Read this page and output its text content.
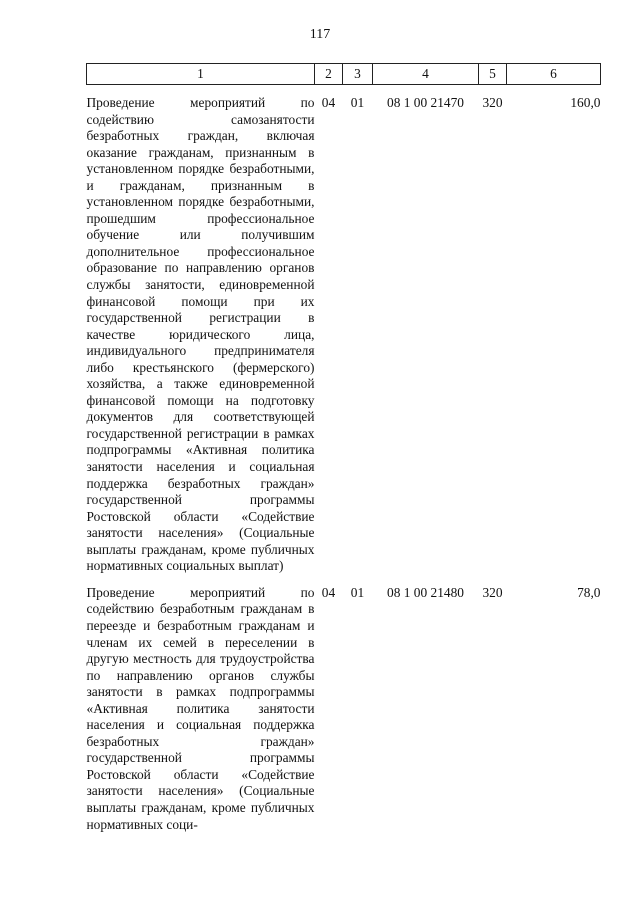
117
1	2	3	4	5	6

Проведение мероприятий по содействию самозанятости безработных граждан, включая оказание гражданам, признанным в установленном порядке безработными, и гражданам, признанным в установленном порядке безработными, прошедшим профессиональное обучение или получившим дополнительное профессиональное образование по направлению органов службы занятости, единовременной финансовой помощи при их государственной регистрации в качестве юридического лица, индивидуального предпринимателя либо крестьянского (фермерского) хозяйства, а также единовременной финансовой помощи на подготовку документов для соответствующей государственной регистрации в рамках подпрограммы «Активная политика занятости населения и социальная поддержка безработных граждан» государственной программы Ростовской области «Содействие занятости населения» (Социальные выплаты гражданам, кроме публичных нормативных социальных выплат)	04	01	08 1 00 21470	320	160,0

Проведение мероприятий по содействию безработным гражданам в переезде и безработным гражданам и членам их семей в переселении в другую местность для трудоустройства по направлению органов службы занятости в рамках подпрограммы «Активная политика занятости населения и социальная поддержка безработных граждан» государственной программы Ростовской области «Содействие занятости населения» (Социальные выплаты гражданам, кроме публичных нормативных соци-	04	01	08 1 00 21480	320	78,0
